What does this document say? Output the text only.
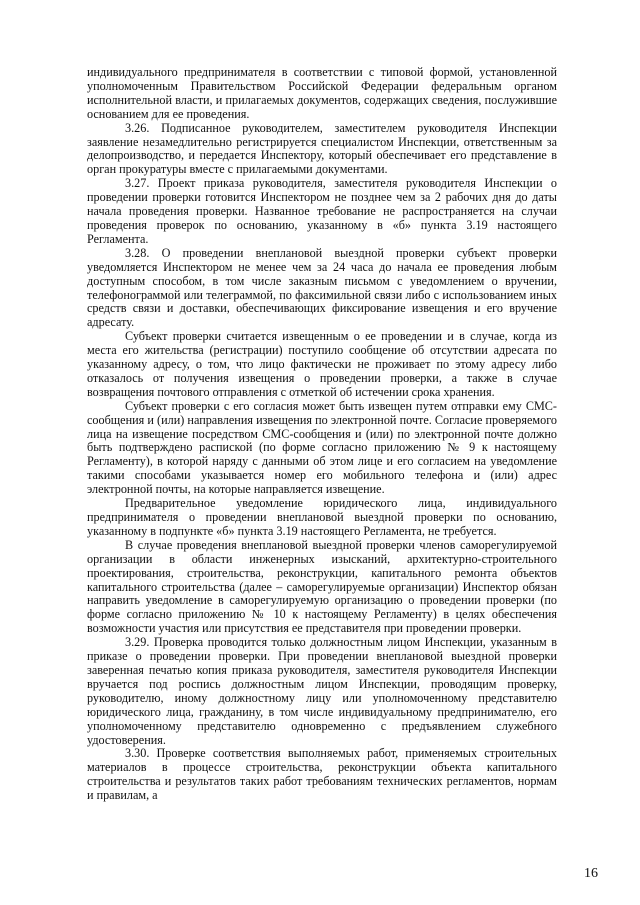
индивидуального предпринимателя в соответствии с типовой формой, установленной уполномоченным Правительством Российской Федерации федеральным органом исполнительной власти, и прилагаемых документов, содержащих сведения, послужившие основанием для ее проведения.

3.26. Подписанное руководителем, заместителем руководителя Инспекции заявление незамедлительно регистрируется специалистом Инспекции, ответственным за делопроизводство, и передается Инспектору, который обеспечивает его представление в орган прокуратуры вместе с прилагаемыми документами.

3.27. Проект приказа руководителя, заместителя руководителя Инспекции о проведении проверки готовится Инспектором не позднее чем за 2 рабочих дня до даты начала проведения проверки. Названное требование не распространяется на случаи проведения проверок по основанию, указанному в «б» пункта 3.19 настоящего Регламента.

3.28. О проведении внеплановой выездной проверки субъект проверки уведомляется Инспектором не менее чем за 24 часа до начала ее проведения любым доступным способом, в том числе заказным письмом с уведомлением о вручении, телефонограммой или телеграммой, по факсимильной связи либо с использованием иных средств связи и доставки, обеспечивающих фиксирование извещения и его вручение адресату.

Субъект проверки считается извещенным о ее проведении и в случае, когда из места его жительства (регистрации) поступило сообщение об отсутствии адресата по указанному адресу, о том, что лицо фактически не проживает по этому адресу либо отказалось от получения извещения о проведении проверки, а также в случае возвращения почтового отправления с отметкой об истечении срока хранения.

Субъект проверки с его согласия может быть извещен путем отправки ему СМС-сообщения и (или) направления извещения по электронной почте. Согласие проверяемого лица на извещение посредством СМС-сообщения и (или) по электронной почте должно быть подтверждено распиской (по форме согласно приложению № 9 к настоящему Регламенту), в которой наряду с данными об этом лице и его согласием на уведомление такими способами указывается номер его мобильного телефона и (или) адрес электронной почты, на которые направляется извещение.

Предварительное уведомление юридического лица, индивидуального предпринимателя о проведении внеплановой выездной проверки по основанию, указанному в подпункте «б» пункта 3.19 настоящего Регламента, не требуется.

В случае проведения внеплановой выездной проверки членов саморегулируемой организации в области инженерных изысканий, архитектурно-строительного проектирования, строительства, реконструкции, капитального ремонта объектов капитального строительства (далее – саморегулируемые организации) Инспектор обязан направить уведомление в саморегулируемую организацию о проведении проверки (по форме согласно приложению № 10 к настоящему Регламенту) в целях обеспечения возможности участия или присутствия ее представителя при проведении проверки.

3.29. Проверка проводится только должностным лицом Инспекции, указанным в приказе о проведении проверки. При проведении внеплановой выездной проверки заверенная печатью копия приказа руководителя, заместителя руководителя Инспекции вручается под роспись должностным лицом Инспекции, проводящим проверку, руководителю, иному должностному лицу или уполномоченному представителю юридического лица, гражданину, в том числе индивидуальному предпринимателю, его уполномоченному представителю одновременно с предъявлением служебного удостоверения.

3.30. Проверке соответствия выполняемых работ, применяемых строительных материалов в процессе строительства, реконструкции объекта капитального строительства и результатов таких работ требованиям технических регламентов, нормам и правилам, а

16
